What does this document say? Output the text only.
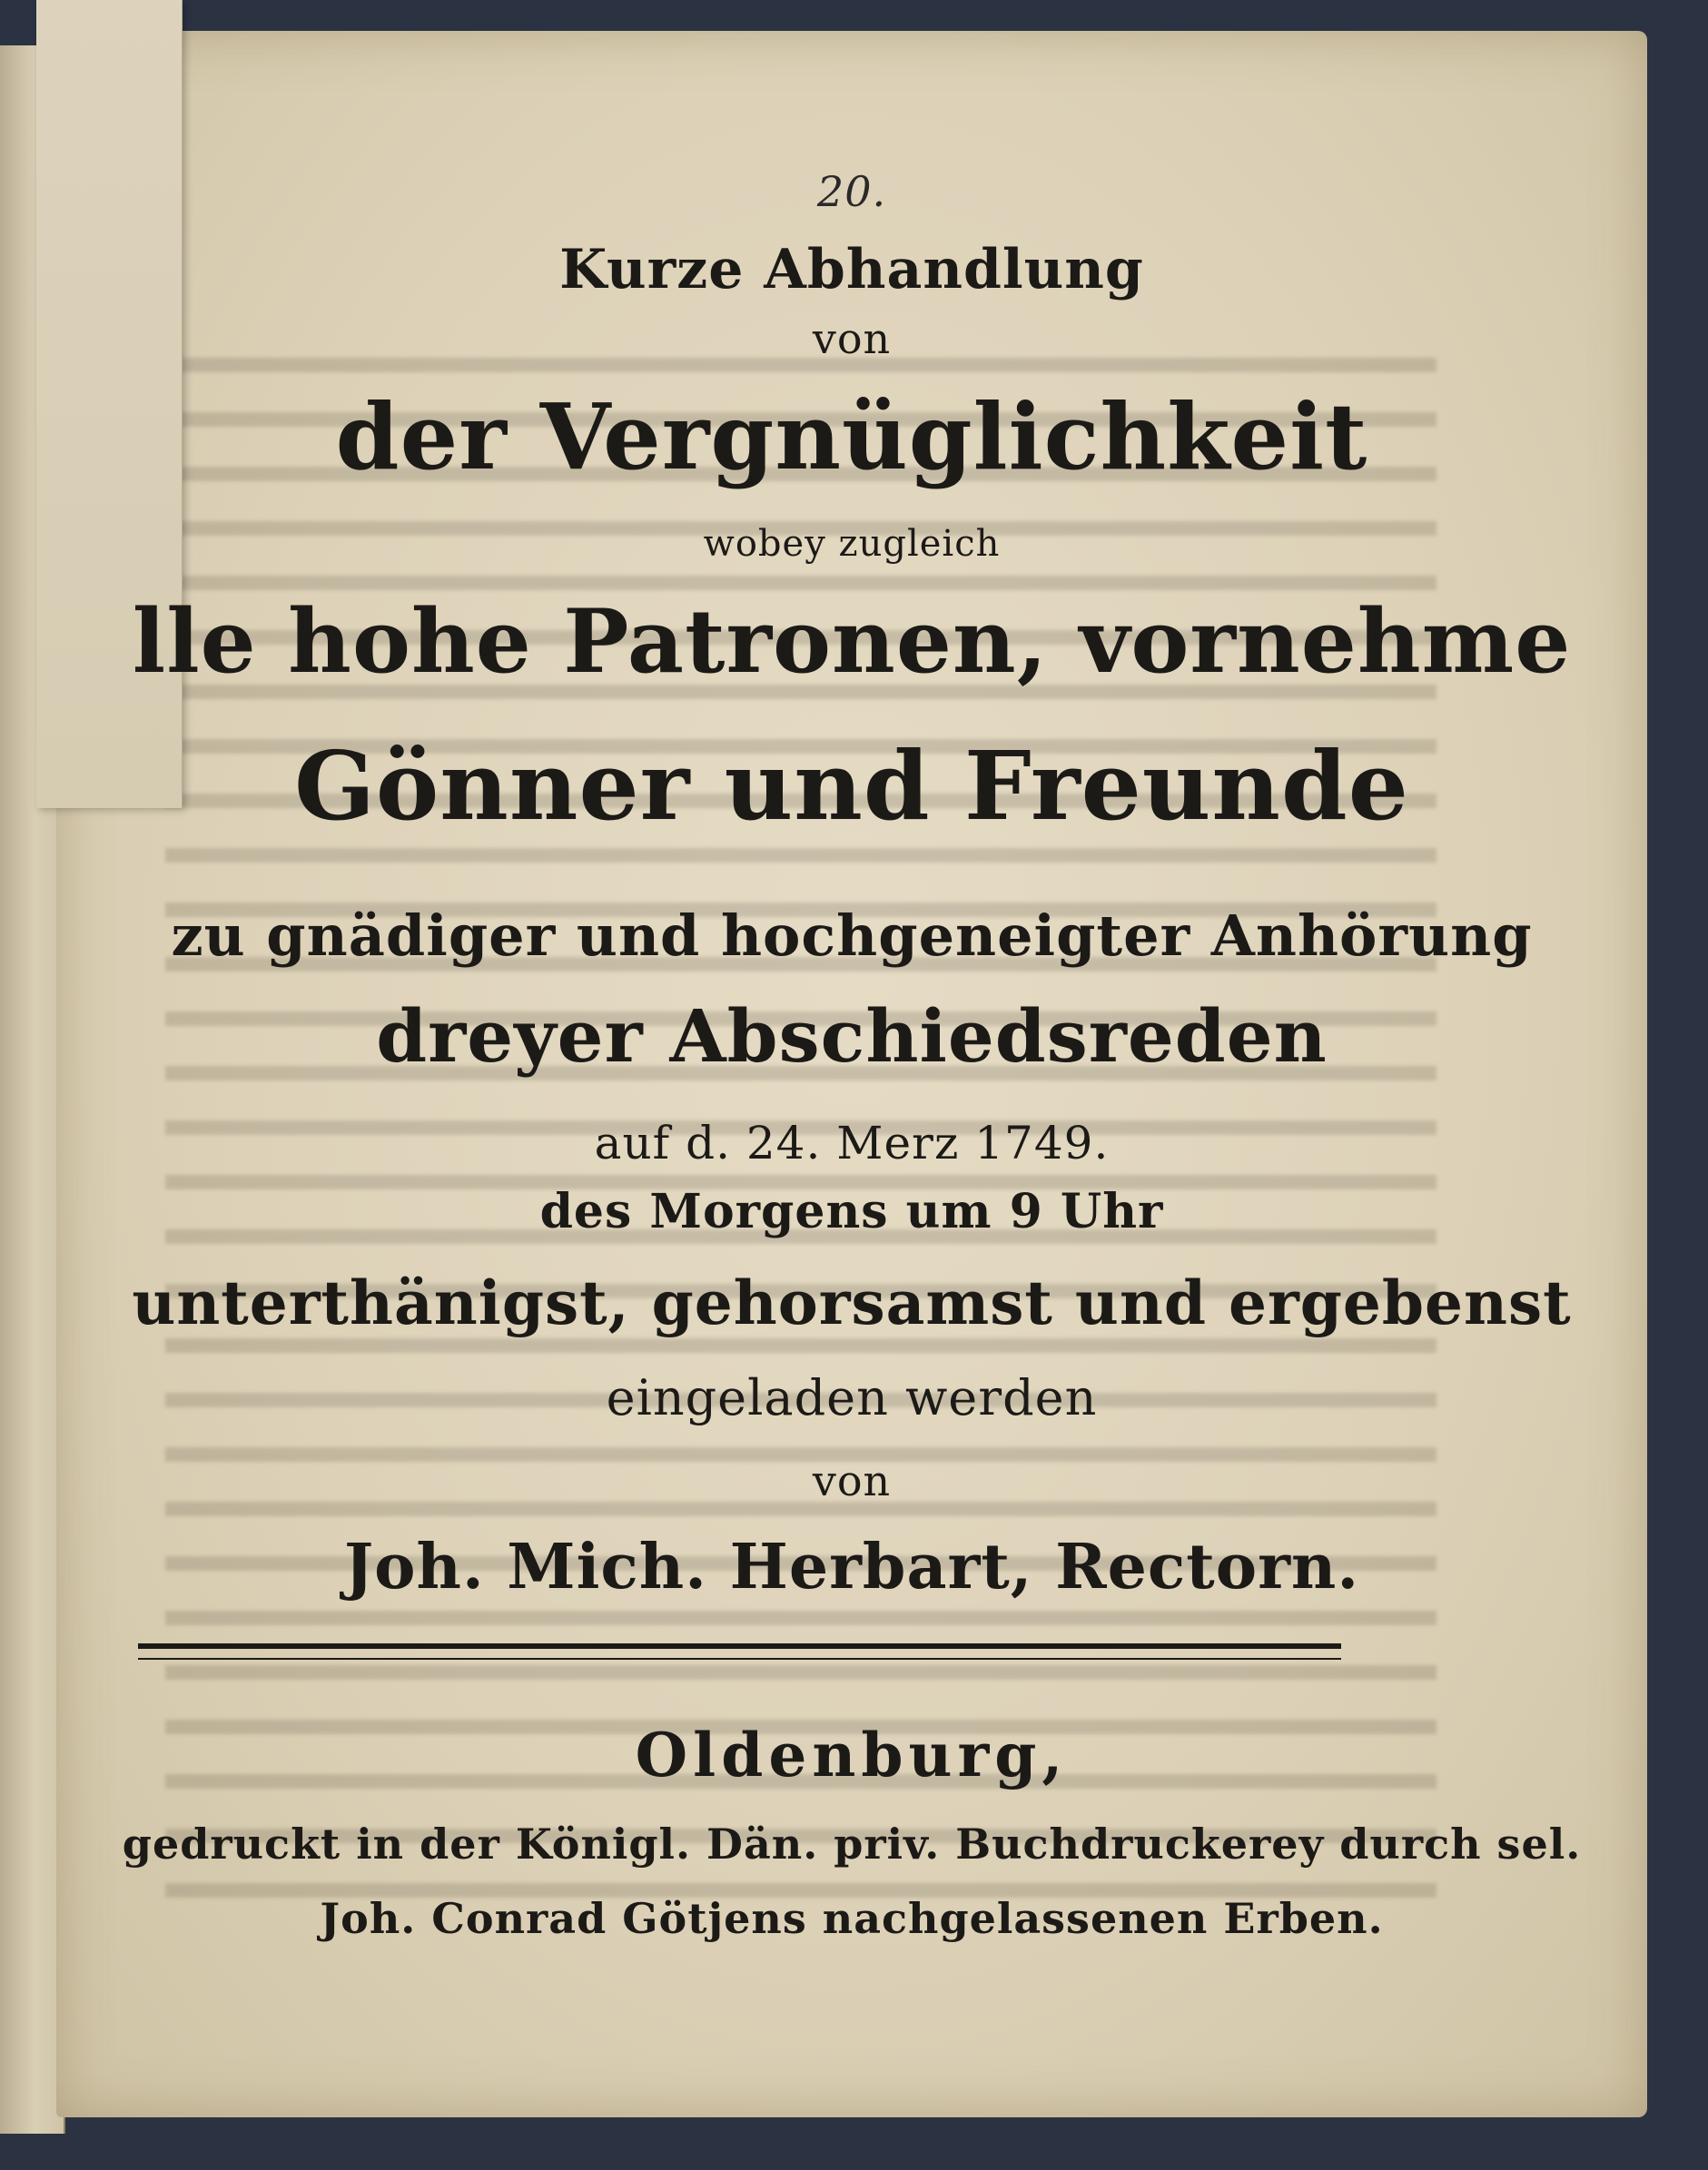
20.
Kurze Abhandlung
von
der Vergnüglichkeit
wobey zugleich
lle hohe Patronen, vornehme
Gönner und Freunde
zu gnädiger und hochgeneigter Anhörung
dreyer Abschiedsreden
auf d. 24. Merz 1749.
des Morgens um 9 Uhr
unterthänigst, gehorsamst und ergebenst
eingeladen werden
von
Joh. Mich. Herbart, Rectorn.
Oldenburg,
gedruckt in der Königl. Dän. priv. Buchdruckerey durch sel.
Joh. Conrad Götjens nachgelassenen Erben.
